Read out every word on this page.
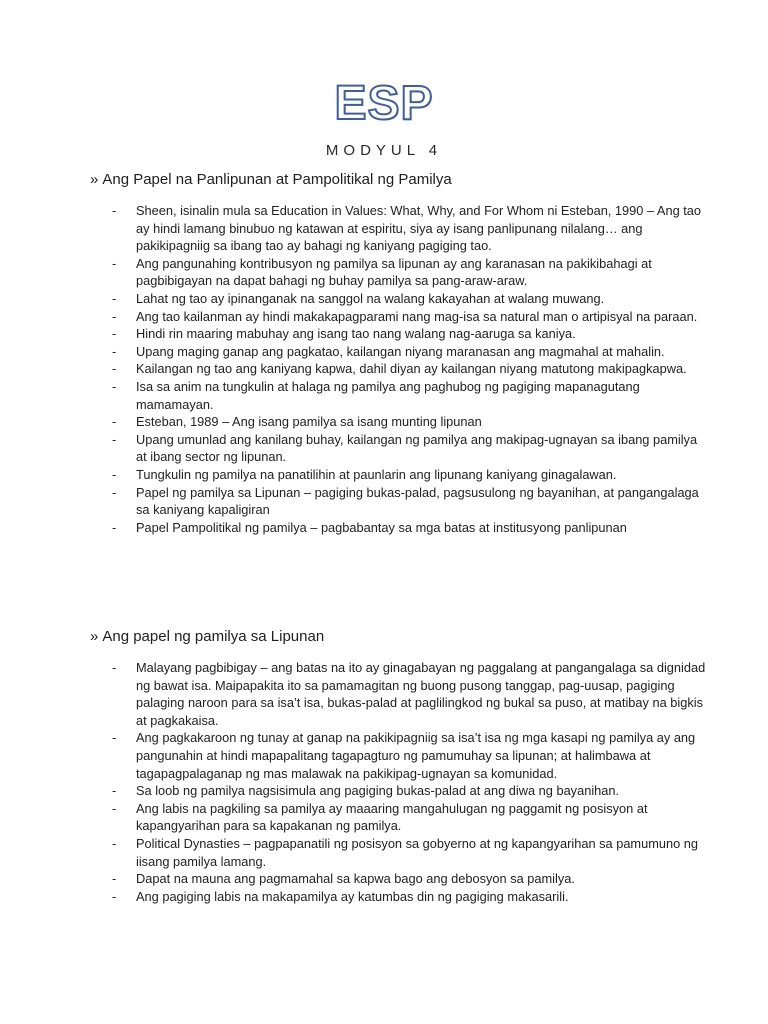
ESP
MODYUL 4
» Ang Papel na Panlipunan at Pampolitikal ng Pamilya
- Sheen, isinalin mula sa Education in Values: What, Why, and For Whom ni Esteban, 1990 – Ang tao ay hindi lamang binubuo ng katawan at espiritu, siya ay isang panlipunang nilalang… ang pakikipagniig sa ibang tao ay bahagi ng kaniyang pagiging tao.
- Ang pangunahing kontribusyon ng pamilya sa lipunan ay ang karanasan na pakikibahagi at pagbibigayan na dapat bahagi ng buhay pamilya sa pang-araw-araw.
- Lahat ng tao ay ipinanganak na sanggol na walang kakayahan at walang muwang.
- Ang tao kailanman ay hindi makakapagparami nang mag-isa sa natural man o artipisyal na paraan.
- Hindi rin maaring mabuhay ang isang tao nang walang nag-aaruga sa kaniya.
- Upang maging ganap ang pagkatao, kailangan niyang maranasan ang magmahal at mahalin.
- Kailangan ng tao ang kaniyang kapwa, dahil diyan ay kailangan niyang matutong makipagkapwa.
- Isa sa anim na tungkulin at halaga ng pamilya ang paghubog ng pagiging mapanagutang mamamayan.
- Esteban, 1989 – Ang isang pamilya sa isang munting lipunan
- Upang umunlad ang kanilang buhay, kailangan ng pamilya ang makipag-ugnayan sa ibang pamilya at ibang sector ng lipunan.
- Tungkulin ng pamilya na panatilihin at paunlarin ang lipunang kaniyang ginagalawan.
- Papel ng pamilya sa Lipunan – pagiging bukas-palad, pagsusulong ng bayanihan, at pangangalaga sa kaniyang kapaligiran
- Papel Pampolitikal ng pamilya – pagbabantay sa mga batas at institusyong panlipunan
» Ang papel ng pamilya sa Lipunan
- Malayang pagbibigay – ang batas na ito ay ginagabayan ng paggalang at pangangalaga sa dignidad ng bawat isa. Maipapakita ito sa pamamagitan ng buong pusong tanggap, pag-uusap, pagiging palaging naroon para sa isa’t isa, bukas-palad at paglilingkod ng bukal sa puso, at matibay na bigkis at pagkakaisa.
- Ang pagkakaroon ng tunay at ganap na pakikipagniig sa isa’t isa ng mga kasapi ng pamilya ay ang pangunahin at hindi mapapalitang tagapagturo ng pamumuhay sa lipunan; at halimbawa at tagapagpalaganap ng mas malawak na pakikipag-ugnayan sa komunidad.
- Sa loob ng pamilya nagsisimula ang pagiging bukas-palad at ang diwa ng bayanihan.
- Ang labis na pagkiling sa pamilya ay maaaring mangahulugan ng paggamit ng posisyon at kapangyarihan para sa kapakanan ng pamilya.
- Political Dynasties – pagpapanatili ng posisyon sa gobyerno at ng kapangyarihan sa pamumuno ng iisang pamilya lamang.
- Dapat na mauna ang pagmamahal sa kapwa bago ang debosyon sa pamilya.
- Ang pagiging labis na makapamilya ay katumbas din ng pagiging makasarili.
